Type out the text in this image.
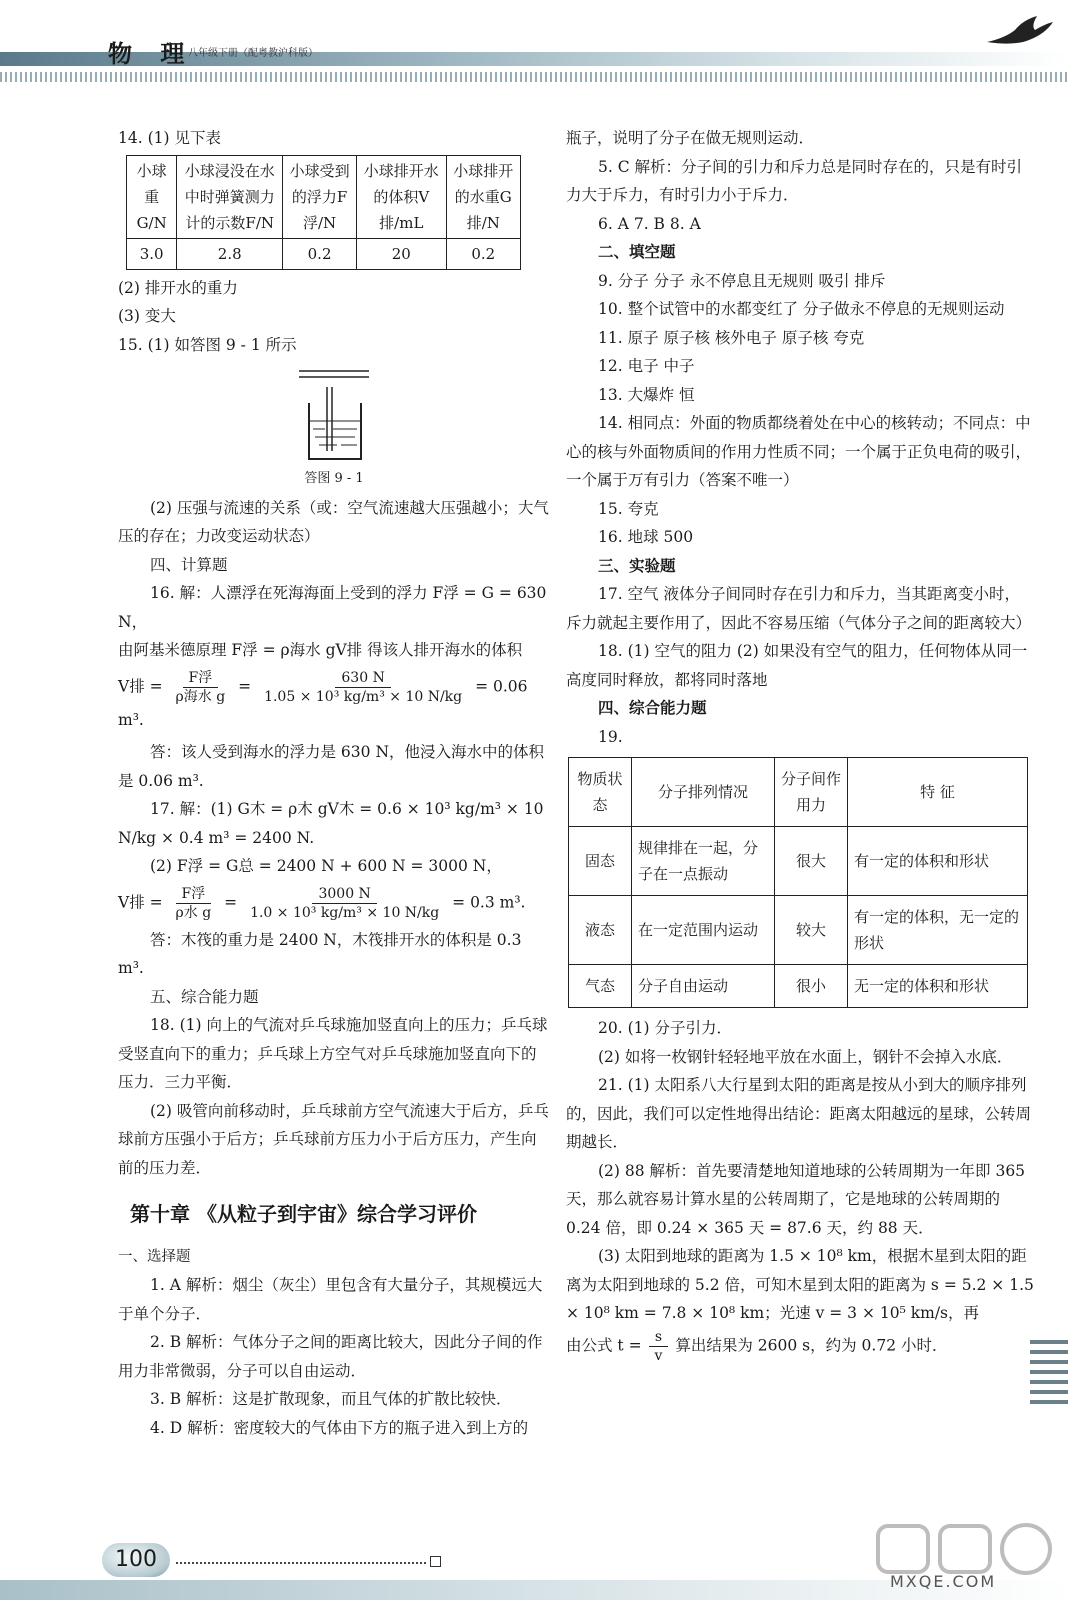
物 理
八年级下册（配粤教沪科版）

14. (1) 见下表

小球重G/N	小球浸没在水中时弹簧测力计的示数F/N	小球受到的浮力F浮/N	小球排开水的体积V排/mL	小球排开的水重G排/N
3.0	2.8	0.2	20	0.2

(2) 排开水的重力

(3) 变大

15. (1) 如答图 9 - 1 所示

答图 9 - 1

(2) 压强与流速的关系（或：空气流速越大压强越小；大气压的存在；力改变运动状态）

四、计算题

16. 解：人漂浮在死海海面上受到的浮力 F浮 = G = 630 N，

由阿基米德原理 F浮 = ρ海水 gV排 得该人排开海水的体积

V排 = $\frac{\text{F浮}}{\text{ρ海水 g}} = \frac{630 N}{\text{1.05 × 10³ kg/m³ × 10 N/kg}} = 0.06$ m³.

答：该人受到海水的浮力是 630 N，他浸入海水中的体积是 0.06 m³.

17. 解：(1) G木 = ρ木 gV木 = 0.6 × 10³ kg/m³ × 10 N/kg × 0.4 m³ = 2400 N.

(2) F浮 = G总 = 2400 N + 600 N = 3000 N，

V排 = $\frac{\text{F浮}}{\text{ρ水 g}} = \frac{3000 N}{\text{1.0 × 10³ kg/m³ × 10 N/kg}} = 0.3$ m³.

答：木筏的重力是 2400 N，木筏排开水的体积是 0.3 m³.

五、综合能力题

18. (1) 向上的气流对乒乓球施加竖直向上的压力；乒乓球受竖直向下的重力；乒乓球上方空气对乒乓球施加竖直向下的压力．三力平衡．

(2) 吸管向前移动时，乒乓球前方空气流速大于后方，乒乓球前方压强小于后方；乒乓球前方压力小于后方压力，产生向前的压力差．

第十章 《从粒子到宇宙》综合学习评价

一、选择题

1. A 解析：烟尘（灰尘）里包含有大量分子，其规模远大于单个分子．

2. B 解析：气体分子之间的距离比较大，因此分子间的作用力非常微弱，分子可以自由运动．

3. B 解析：这是扩散现象，而且气体的扩散比较快．

4. D 解析：密度较大的气体由下方的瓶子进入到上方的

瓶子，说明了分子在做无规则运动．

5. C 解析：分子间的引力和斥力总是同时存在的，只是有时引力大于斥力，有时引力小于斥力．

6. A 7. B 8. A

二、填空题

9. 分子 分子 永不停息且无规则 吸引 排斥

10. 整个试管中的水都变红了 分子做永不停息的无规则运动

11. 原子 原子核 核外电子 原子核 夸克

12. 电子 中子

13. 大爆炸 恒

14. 相同点：外面的物质都绕着处在中心的核转动；不同点：中心的核与外面物质间的作用力性质不同；一个属于正负电荷的吸引，一个属于万有引力（答案不唯一）

15. 夸克

16. 地球 500

三、实验题

17. 空气 液体分子间同时存在引力和斥力，当其距离变小时，斥力就起主要作用了，因此不容易压缩（气体分子之间的距离较大）

18. (1) 空气的阻力 (2) 如果没有空气的阻力，任何物体从同一高度同时释放，都将同时落地

四、综合能力题

19.

物质状态	分子排列情况	分子间作用力	特 征
固态	规律排在一起，分子在一点振动	很大	有一定的体积和形状
液态	在一定范围内运动	较大	有一定的体积，无一定的形状
气态	分子自由运动	很小	无一定的体积和形状

20. (1) 分子引力．

(2) 如将一枚钢针轻轻地平放在水面上，钢针不会掉入水底．

21. (1) 太阳系八大行星到太阳的距离是按从小到大的顺序排列的，因此，我们可以定性地得出结论：距离太阳越远的星球，公转周期越长．

(2) 88 解析：首先要清楚地知道地球的公转周期为一年即 365 天，那么就容易计算水星的公转周期了，它是地球的公转周期的 0.24 倍，即 0.24 × 365 天 = 87.6 天，约 88 天．

(3) 太阳到地球的距离为 1.5 × 10⁸ km，根据木星到太阳的距离为太阳到地球的 5.2 倍，可知木星到太阳的距离为 s = 5.2 × 1.5 × 10⁸ km = 7.8 × 10⁸ km；光速 v = 3 × 10⁵ km/s，再

由公式 $t = \frac{s}{v}$ 算出结果为 2600 s，约为 0.72 小时．

100
MXQE.COM
